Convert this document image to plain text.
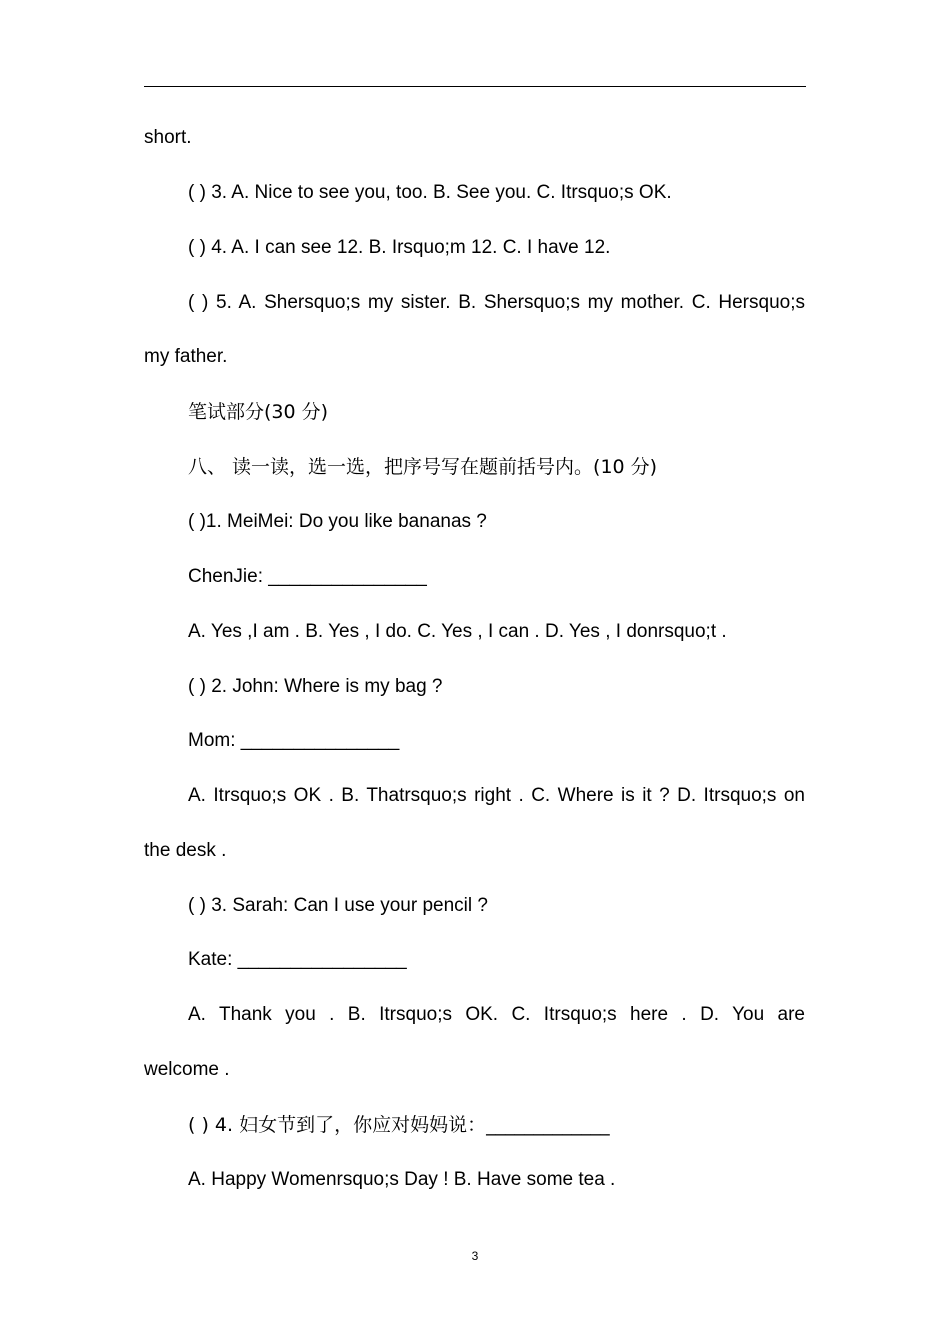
short.
( ) 3. A. Nice to see you, too. B. See you. C. Itrsquo;s OK.
( ) 4. A. I can see 12. B. Irsquo;m 12. C. I have 12.
( ) 5. A. Shersquo;s my sister. B. Shersquo;s my mother. C. Hersquo;s
my father.
笔试部分(30 分)
八、 读一读，选一选，把序号写在题前括号内。(10 分)
( )1. MeiMei: Do you like bananas ?
ChenJie: _______________
A. Yes ,I am . B. Yes , I do. C. Yes , I can . D. Yes , I donrsquo;t .
( ) 2. John: Where is my bag ?
Mom: _______________
A. Itrsquo;s OK . B. Thatrsquo;s right . C. Where is it ? D. Itrsquo;s on
the desk .
( ) 3. Sarah: Can I use your pencil ?
Kate: ________________
A. Thank you . B. Itrsquo;s OK. C. Itrsquo;s here . D. You are
welcome .
( ) 4. 妇女节到了，你应对妈妈说：_____________
A. Happy Womenrsquo;s Day ! B. Have some tea .
3
